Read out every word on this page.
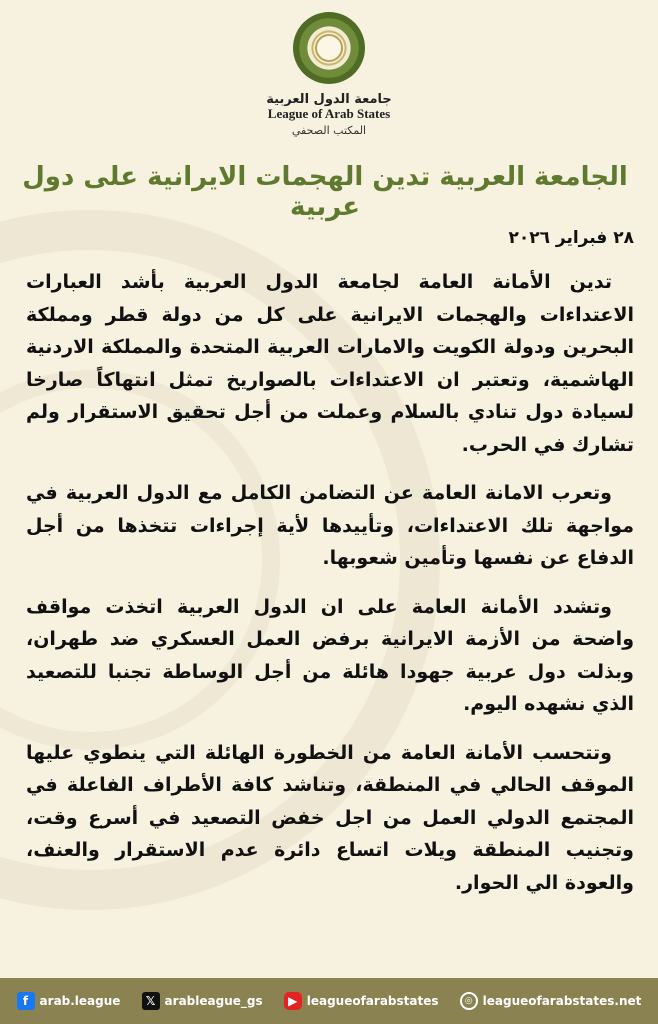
جامعة الدول العربية
League of Arab States
المكتب الصحفي
الجامعة العربية تدين الهجمات الايرانية على دول عربية
٢٨ فبراير ٢٠٢٦

تدين الأمانة العامة لجامعة الدول العربية بأشد العبارات الاعتداءات والهجمات الايرانية على كل من دولة قطر ومملكة البحرين ودولة الكويت والامارات العربية المتحدة والمملكة الاردنية الهاشمية، وتعتبر ان الاعتداءات بالصواريخ تمثل انتهاكاً صارخا لسيادة دول تنادي بالسلام وعملت من أجل تحقيق الاستقرار ولم تشارك في الحرب.

وتعرب الامانة العامة عن التضامن الكامل مع الدول العربية في مواجهة تلك الاعتداءات، وتأييدها لأية إجراءات تتخذها من أجل الدفاع عن نفسها وتأمين شعوبها.

وتشدد الأمانة العامة على ان الدول العربية اتخذت مواقف واضحة من الأزمة الايرانية برفض العمل العسكري ضد طهران، وبذلت دول عربية جهودا هائلة من أجل الوساطة تجنبا للتصعيد الذي نشهده اليوم.

وتتحسب الأمانة العامة من الخطورة الهائلة التي ينطوي عليها الموقف الحالي في المنطقة، وتناشد كافة الأطراف الفاعلة في المجتمع الدولي العمل من اجل خفض التصعيد في أسرع وقت، وتجنيب المنطقة ويلات اتساع دائرة عدم الاستقرار والعنف، والعودة الي الحوار.

f arab.league	𝕏 arableague_gs	▶ leagueofarabstates	◎ leagueofarabstates.net
